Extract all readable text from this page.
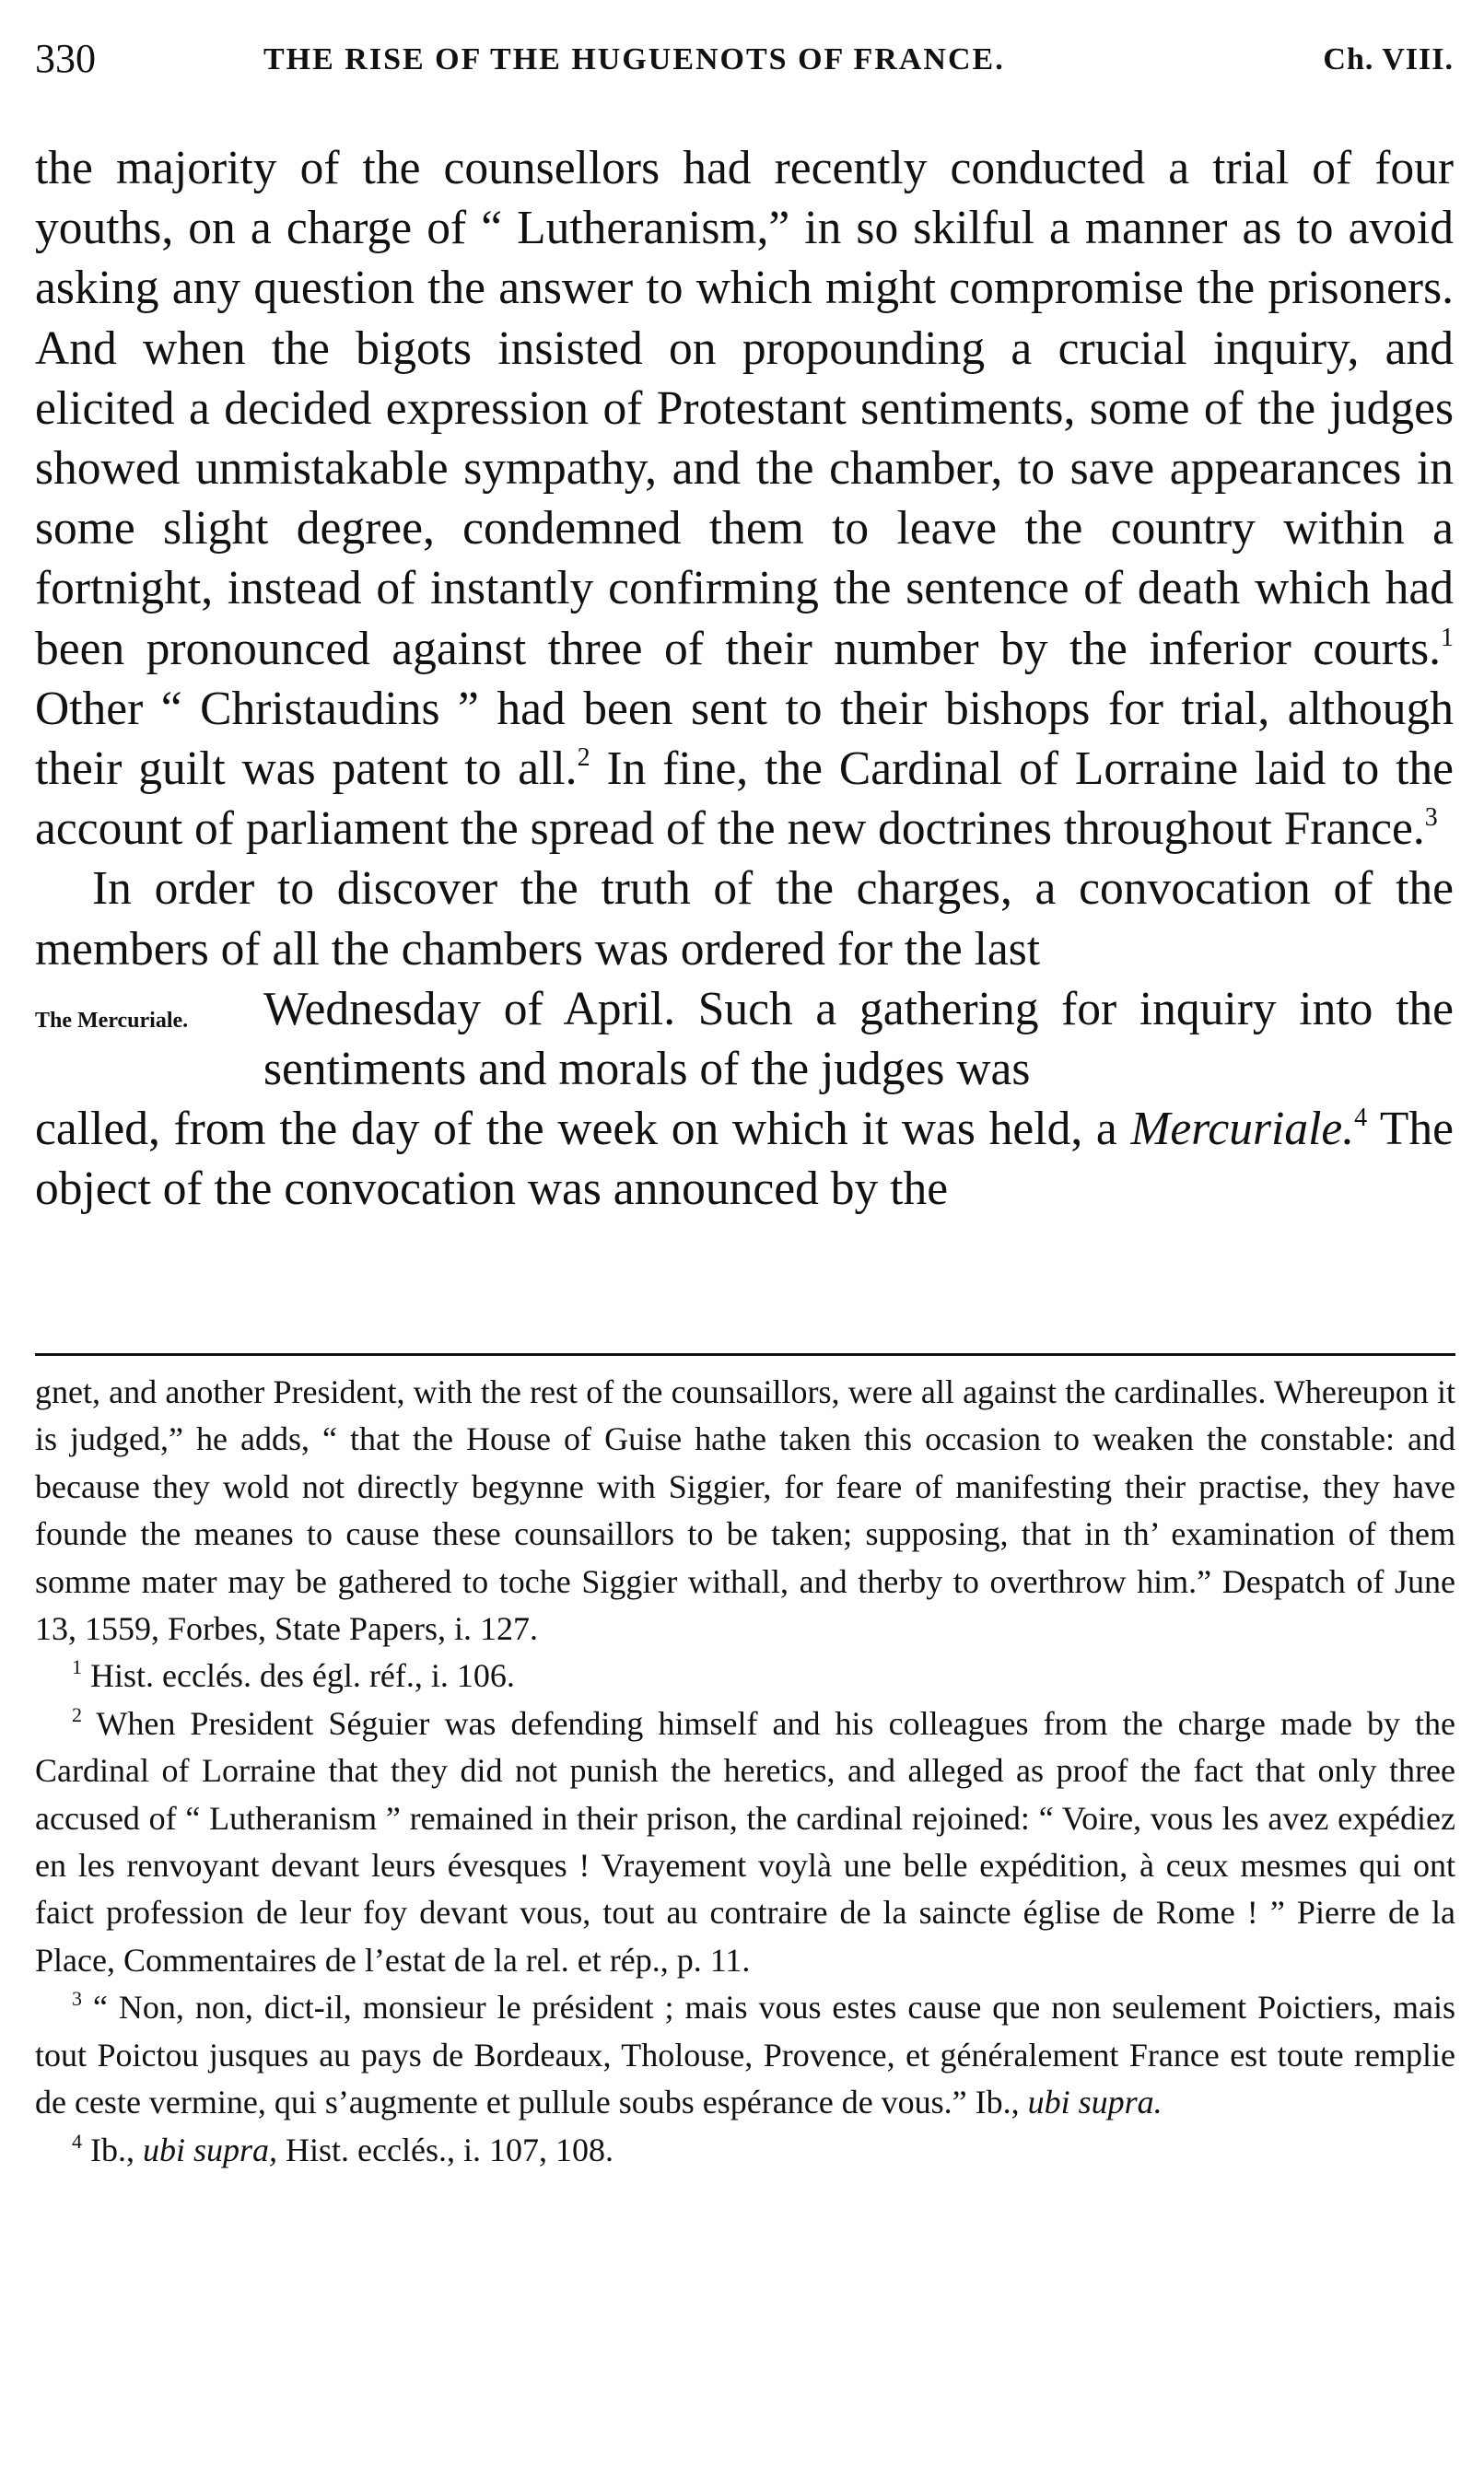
330	THE RISE OF THE HUGUENOTS OF FRANCE.	Ch. VIII.

the majority of the counsellors had recently conducted a trial of four youths, on a charge of “ Lutheranism,” in so skilful a manner as to avoid asking any question the answer to which might compromise the prisoners. And when the bigots insisted on propounding a crucial inquiry, and elicited a decided expression of Protestant sentiments, some of the judges showed unmistakable sympathy, and the chamber, to save appearances in some slight degree, condemned them to leave the country within a fortnight, instead of instantly confirming the sentence of death which had been pronounced against three of their number by the inferior courts.$^1$ Other “ Christaudins ” had been sent to their bishops for trial, although their guilt was patent to all.$^2$ In fine, the Cardinal of Lorraine laid to the account of parliament the spread of the new doctrines throughout France.$^3$

In order to discover the truth of the charges, a convocation of the members of all the chambers was ordered for the last

The Mercuriale.	Wednesday of April. Such a gathering for inquiry into the sentiments and morals of the judges was

called, from the day of the week on which it was held, a Mercuriale.$^4$ The object of the convocation was announced by the

gnet, and another President, with the rest of the counsaillors, were all against the cardinalles. Whereupon it is judged,” he adds, “ that the House of Guise hathe taken this occasion to weaken the constable: and because they wold not directly begynne with Siggier, for feare of manifesting their practise, they have founde the meanes to cause these counsaillors to be taken; supposing, that in th’ examination of them somme mater may be gathered to toche Siggier withall, and therby to overthrow him.” Despatch of June 13, 1559, Forbes, State Papers, i. 127.

$^1$ Hist. ecclés. des égl. réf., i. 106.

$^2$ When President Séguier was defending himself and his colleagues from the charge made by the Cardinal of Lorraine that they did not punish the heretics, and alleged as proof the fact that only three accused of “ Lutheranism ” remained in their prison, the cardinal rejoined: “ Voire, vous les avez expédiez en les renvoyant devant leurs évesques ! Vrayement voylà une belle expédition, à ceux mesmes qui ont faict profession de leur foy devant vous, tout au contraire de la saincte église de Rome ! ” Pierre de la Place, Commentaires de l’estat de la rel. et rép., p. 11.

$^3$ “ Non, non, dict-il, monsieur le président ; mais vous estes cause que non seulement Poictiers, mais tout Poictou jusques au pays de Bordeaux, Tholouse, Provence, et généralement France est toute remplie de ceste vermine, qui s’augmente et pullule soubs espérance de vous.” Ib., ubi supra.

$^4$ Ib., ubi supra, Hist. ecclés., i. 107, 108.
